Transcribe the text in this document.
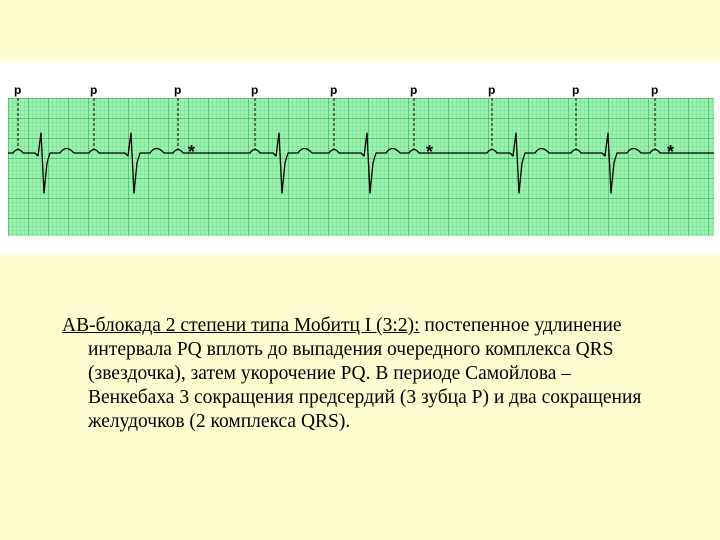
p	p	p	p	p	p	p	p	p
*	*	*

АВ-блокада 2 степени типа Мобитц I (3:2): постепенное удлинение интервала PQ вплоть до выпадения очередного комплекса QRS (звездочка), затем укорочение PQ. В периоде Самойлова – Венкебаха 3 сокращения предсердий (3 зубца P) и два сокращения желудочков (2 комплекса QRS).
